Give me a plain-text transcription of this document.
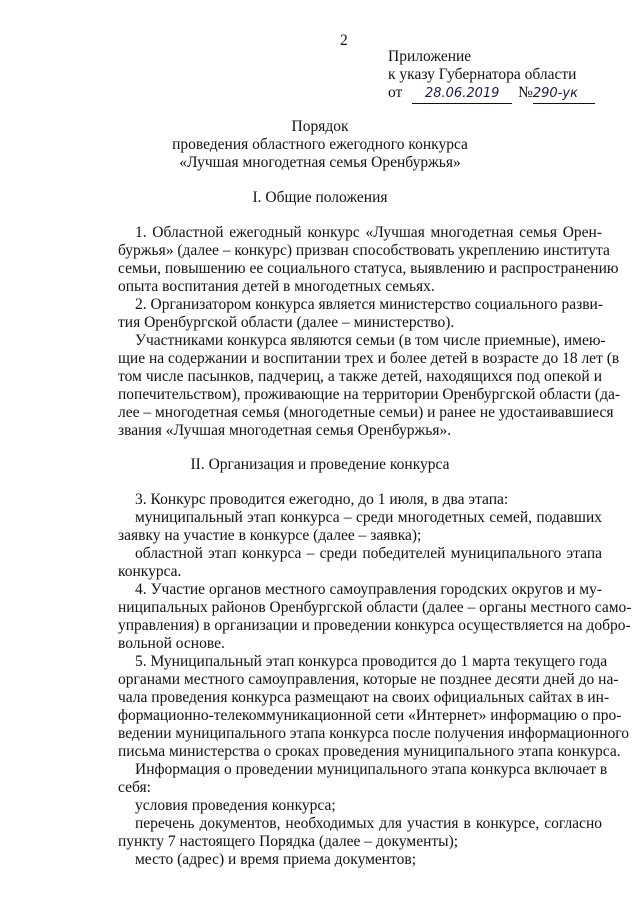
2
Приложение
к указу Губернатора области
от 28.06.2019 №290-ук
Порядок
проведения областного ежегодного конкурса
«Лучшая многодетная семья Оренбуржья»
I. Общие положения
1. Областной ежегодный конкурс «Лучшая многодетная семья Орен-
буржья» (далее – конкурс) призван способствовать укреплению института
семьи, повышению ее социального статуса, выявлению и распространению
опыта воспитания детей в многодетных семьях.
2. Организатором конкурса является министерство социального разви-
тия Оренбургской области (далее – министерство).
Участниками конкурса являются семьи (в том числе приемные), имею-
щие на содержании и воспитании трех и более детей в возрасте до 18 лет (в
том числе пасынков, падчериц, а также детей, находящихся под опекой и
попечительством), проживающие на территории Оренбургской области (да-
лее – многодетная семья (многодетные семьи) и ранее не удостаивавшиеся
звания «Лучшая многодетная семья Оренбуржья».
II. Организация и проведение конкурса
3. Конкурс проводится ежегодно, до 1 июля, в два этапа:
муниципальный этап конкурса – среди многодетных семей, подавших
заявку на участие в конкурсе (далее – заявка);
областной этап конкурса – среди победителей муниципального этапа
конкурса.
4. Участие органов местного самоуправления городских округов и му-
ниципальных районов Оренбургской области (далее – органы местного само-
управления) в организации и проведении конкурса осуществляется на добро-
вольной основе.
5. Муниципальный этап конкурса проводится до 1 марта текущего года
органами местного самоуправления, которые не позднее десяти дней до на-
чала проведения конкурса размещают на своих официальных сайтах в ин-
формационно-телекоммуникационной сети «Интернет» информацию о про-
ведении муниципального этапа конкурса после получения информационного
письма министерства о сроках проведения муниципального этапа конкурса.
Информация о проведении муниципального этапа конкурса включает в
себя:
условия проведения конкурса;
перечень документов, необходимых для участия в конкурсе, согласно
пункту 7 настоящего Порядка (далее – документы);
место (адрес) и время приема документов;
